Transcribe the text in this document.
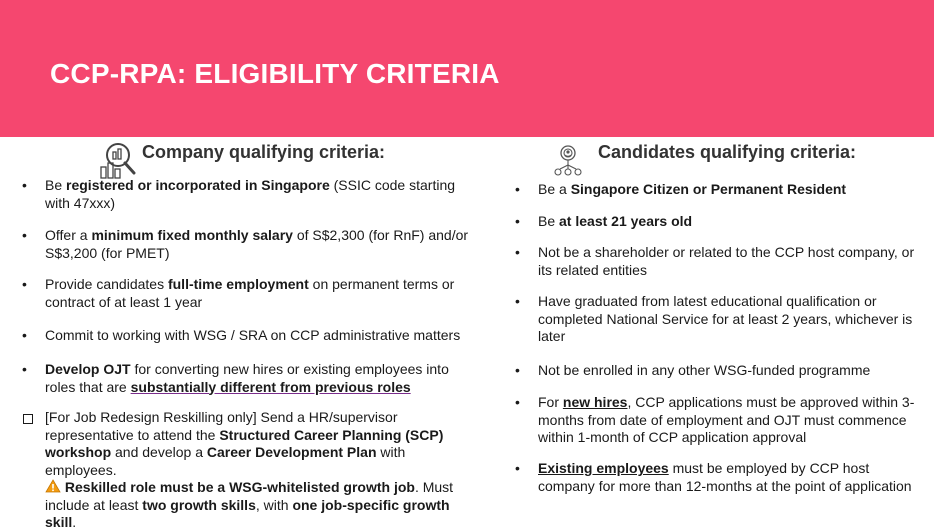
CCP-RPA: ELIGIBILITY CRITERIA
Company qualifying criteria:
• Be registered or incorporated in Singapore (SSIC code starting with 47xxx)
• Offer a minimum fixed monthly salary of S$2,300 (for RnF) and/or S$3,200 (for PMET)
• Provide candidates full-time employment on permanent terms or contract of at least 1 year
• Commit to working with WSG / SRA on CCP administrative matters
• Develop OJT for converting new hires or existing employees into roles that are substantially different from previous roles
[For Job Redesign Reskilling only] Send a HR/supervisor representative to attend the Structured Career Planning (SCP) workshop and develop a Career Development Plan with employees.
Reskilled role must be a WSG-whitelisted growth job. Must include at least two growth skills, with one job-specific growth skill.
Candidates qualifying criteria:
• Be a Singapore Citizen or Permanent Resident
• Be at least 21 years old
• Not be a shareholder or related to the CCP host company, or its related entities
• Have graduated from latest educational qualification or completed National Service for at least 2 years, whichever is later
• Not be enrolled in any other WSG-funded programme
• For new hires, CCP applications must be approved within 3-months from date of employment and OJT must commence within 1-month of CCP application approval
• Existing employees must be employed by CCP host company for more than 12-months at the point of application
